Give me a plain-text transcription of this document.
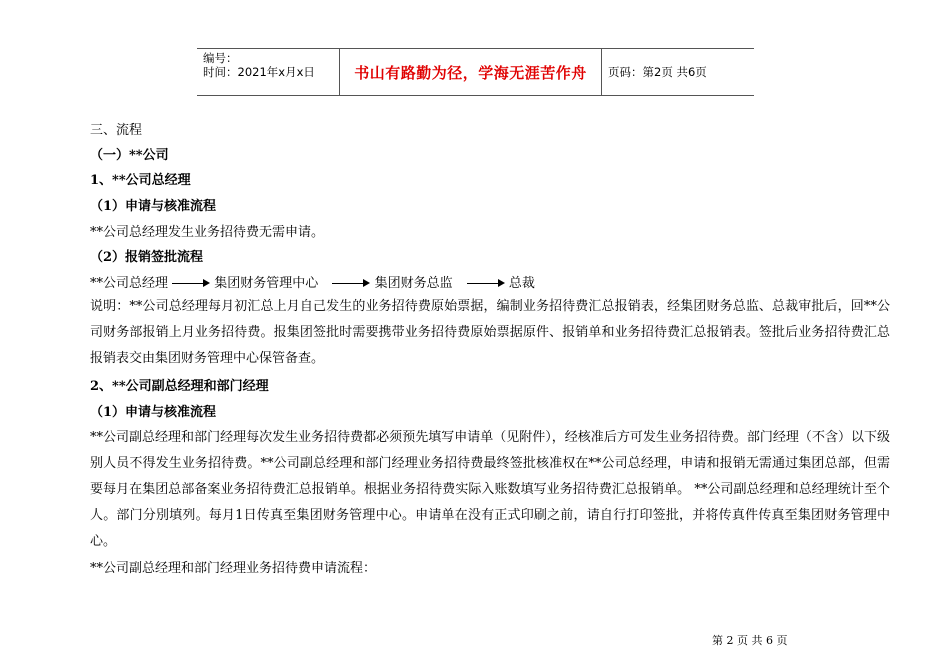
编号：
时间：2021年x月x日	书山有路勤为径，学海无涯苦作舟	页码：第2页 共6页
三、流程
（一）**公司
1、**公司总经理
（1）申请与核准流程
**公司总经理发生业务招待费无需申请。
（2）报销签批流程
**公司总经理	集团财务管理中心	集团财务总监	总裁
说明：**公司总经理每月初汇总上月自己发生的业务招待费原始票据，编制业务招待费汇总报销表，经集团财务总监、总裁审批后，回**公司财务部报销上月业务招待费。报集团签批时需要携带业务招待费原始票据原件、报销单和业务招待费汇总报销表。签批后业务招待费汇总报销表交由集团财务管理中心保管备查。
2、**公司副总经理和部门经理
（1）申请与核准流程
**公司副总经理和部门经理每次发生业务招待费都必须预先填写申请单（见附件），经核准后方可发生业务招待费。部门经理（不含）以下级别人员不得发生业务招待费。**公司副总经理和部门经理业务招待费最终签批核准权在**公司总经理，申请和报销无需通过集团总部，但需要每月在集团总部备案业务招待费汇总报销单。根据业务招待费实际入账数填写业务招待费汇总报销单。 **公司副总经理和总经理统计至个人。部门分別填列。每月1日传真至集团财务管理中心。申请单在没有正式印刷之前，请自行打印签批，并将传真件传真至集团财务管理中心。
**公司副总经理和部门经理业务招待费申请流程：
第 2 页 共 6 页
